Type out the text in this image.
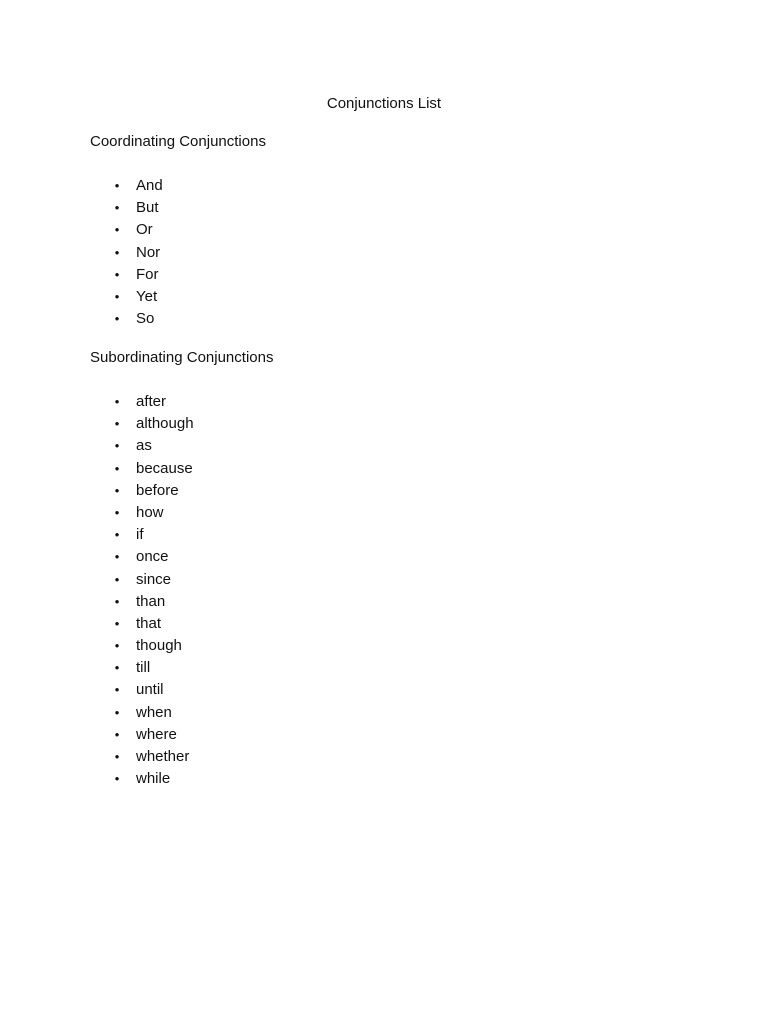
Conjunctions List
Coordinating Conjunctions
• And
• But
• Or
• Nor
• For
• Yet
• So
Subordinating Conjunctions
• after
• although
• as
• because
• before
• how
• if
• once
• since
• than
• that
• though
• till
• until
• when
• where
• whether
• while
